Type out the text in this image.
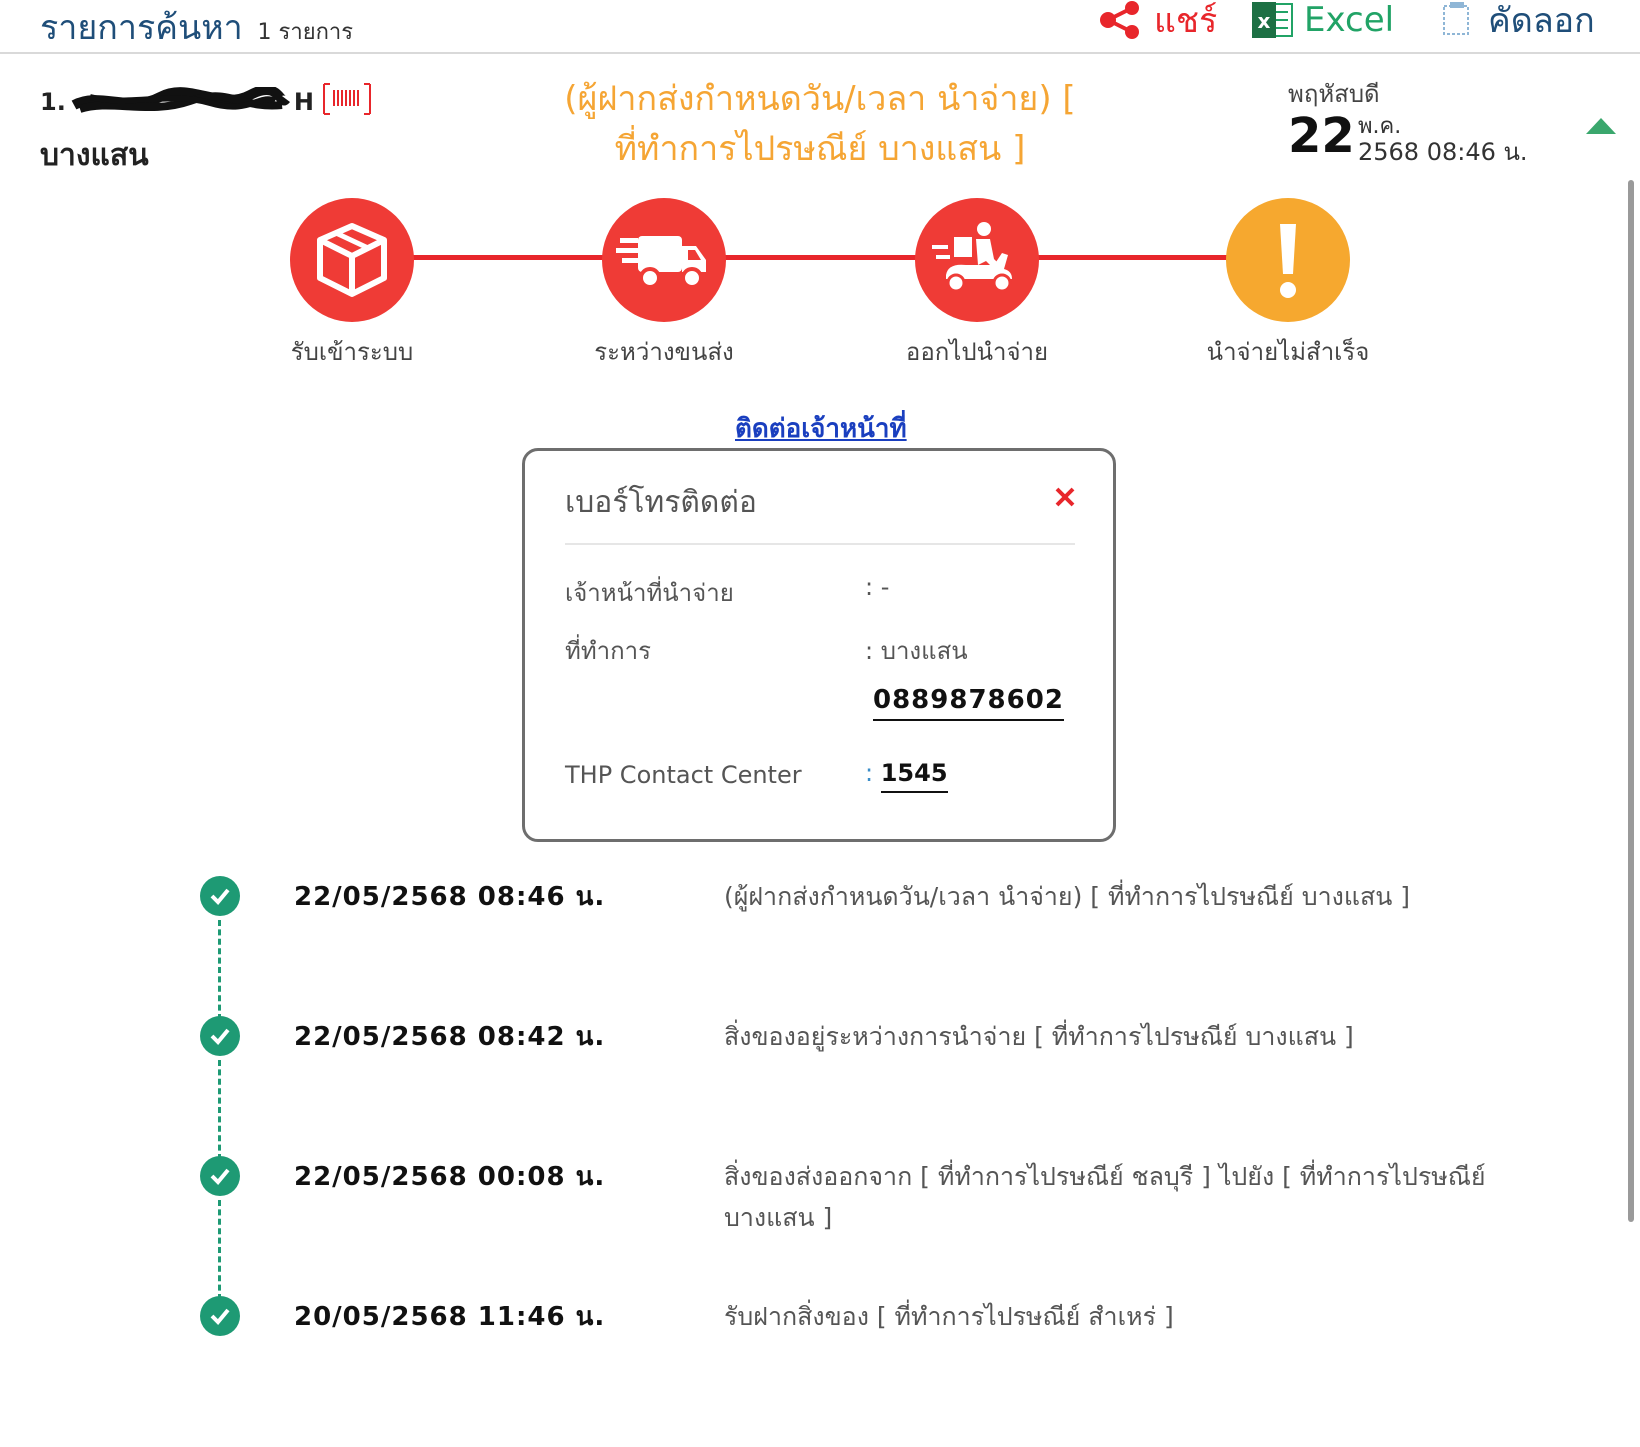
รายการค้นหา 1 รายการ	แชร์ x Excel	คัดลอก
1.	H
บางแสน
(ผู้ฝากส่งกำหนดวัน/เวลา นำจ่าย) [ ที่ทำการไปรษณีย์ บางแสน ]
พฤหัสบดี
22 พ.ค.
2568 08:46 น.
รับเข้าระบบ	ระหว่างขนส่ง	ออกไปนำจ่าย	นำจ่ายไม่สำเร็จ
ติดต่อเจ้าหน้าที่
เบอร์โทรติดต่อ
เจ้าหน้าที่นำจ่าย	: -
ที่ทำการ	: บางแสน
0889878602
THP Contact Center	: 1545
22/05/2568 08:46 น.	(ผู้ฝากส่งกำหนดวัน/เวลา นำจ่าย) [ ที่ทำการไปรษณีย์ บางแสน ]
22/05/2568 08:42 น.	สิ่งของอยู่ระหว่างการนำจ่าย [ ที่ทำการไปรษณีย์ บางแสน ]
22/05/2568 00:08 น.	สิ่งของส่งออกจาก [ ที่ทำการไปรษณีย์ ชลบุรี ] ไปยัง [ ที่ทำการไปรษณีย์ บางแสน ]
20/05/2568 11:46 น.	รับฝากสิ่งของ [ ที่ทำการไปรษณีย์ สำเหร่ ]
